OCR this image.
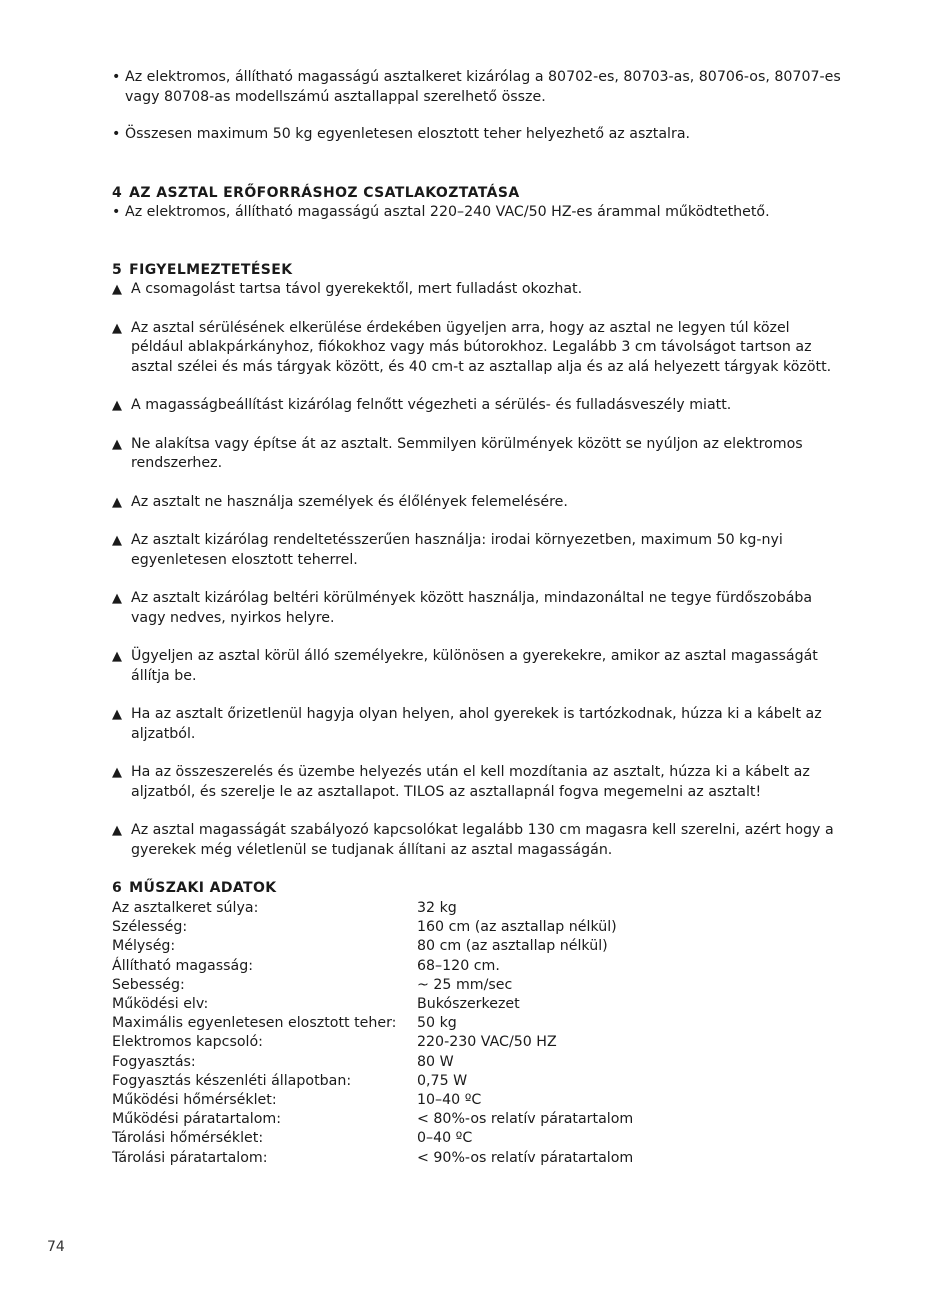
• Az elektromos, állítható magasságú asztalkeret kizárólag a 80702-es, 80703-as, 80706-os, 80707-es vagy 80708-as modellszámú asztallappal szerelhető össze.
• Összesen maximum 50 kg egyenletesen elosztott teher helyezhető az asztalra.
4 AZ ASZTAL ERŐFORRÁSHOZ CSATLAKOZTATÁSA
• Az elektromos, állítható magasságú asztal 220–240 VAC/50 HZ-es árammal működtethető.
5 FIGYELMEZTETÉSEK
▲ A csomagolást tartsa távol gyerekektől, mert fulladást okozhat.
▲ Az asztal sérülésének elkerülése érdekében ügyeljen arra, hogy az asztal ne legyen túl közel például ablakpárkányhoz, fiókokhoz vagy más bútorokhoz. Legalább 3 cm távolságot tartson az asztal szélei és más tárgyak között, és 40 cm-t az asztallap alja és az alá helyezett tárgyak között.
▲ A magasságbeállítást kizárólag felnőtt végezheti a sérülés- és fulladásveszély miatt.
▲ Ne alakítsa vagy építse át az asztalt. Semmilyen körülmények között se nyúljon az elektromos rendszerhez.
▲ Az asztalt ne használja személyek és élőlények felemelésére.
▲ Az asztalt kizárólag rendeltetésszerűen használja: irodai környezetben, maximum 50 kg-nyi egyenletesen elosztott teherrel.
▲ Az asztalt kizárólag beltéri körülmények között használja, mindazonáltal ne tegye fürdőszobába vagy nedves, nyirkos helyre.
▲ Ügyeljen az asztal körül álló személyekre, különösen a gyerekekre, amikor az asztal magasságát állítja be.
▲ Ha az asztalt őrizetlenül hagyja olyan helyen, ahol gyerekek is tartózkodnak, húzza ki a kábelt az aljzatból.
▲ Ha az összeszerelés és üzembe helyezés után el kell mozdítania az asztalt, húzza ki a kábelt az aljzatból, és szerelje le az asztallapot. TILOS az asztallapnál fogva megemelni az asztalt!
▲ Az asztal magasságát szabályozó kapcsolókat legalább 130 cm magasra kell szerelni, azért hogy a gyerekek még véletlenül se tudjanak állítani az asztal magasságán.
6 MŰSZAKI ADATOK
Az asztalkeret súlya:	32 kg
Szélesség:	160 cm (az asztallap nélkül)
Mélység:	80 cm (az asztallap nélkül)
Állítható magasság:	68–120 cm.
Sebesség:	~ 25 mm/sec
Működési elv:	Bukószerkezet
Maximális egyenletesen elosztott teher:	50 kg
Elektromos kapcsoló:	220-230 VAC/50 HZ
Fogyasztás:	80 W
Fogyasztás készenléti állapotban:	0,75 W
Működési hőmérséklet:	10–40 ºC
Működési páratartalom:	< 80%-os relatív páratartalom
Tárolási hőmérséklet:	0–40 ºC
Tárolási páratartalom:	< 90%-os relatív páratartalom
74
